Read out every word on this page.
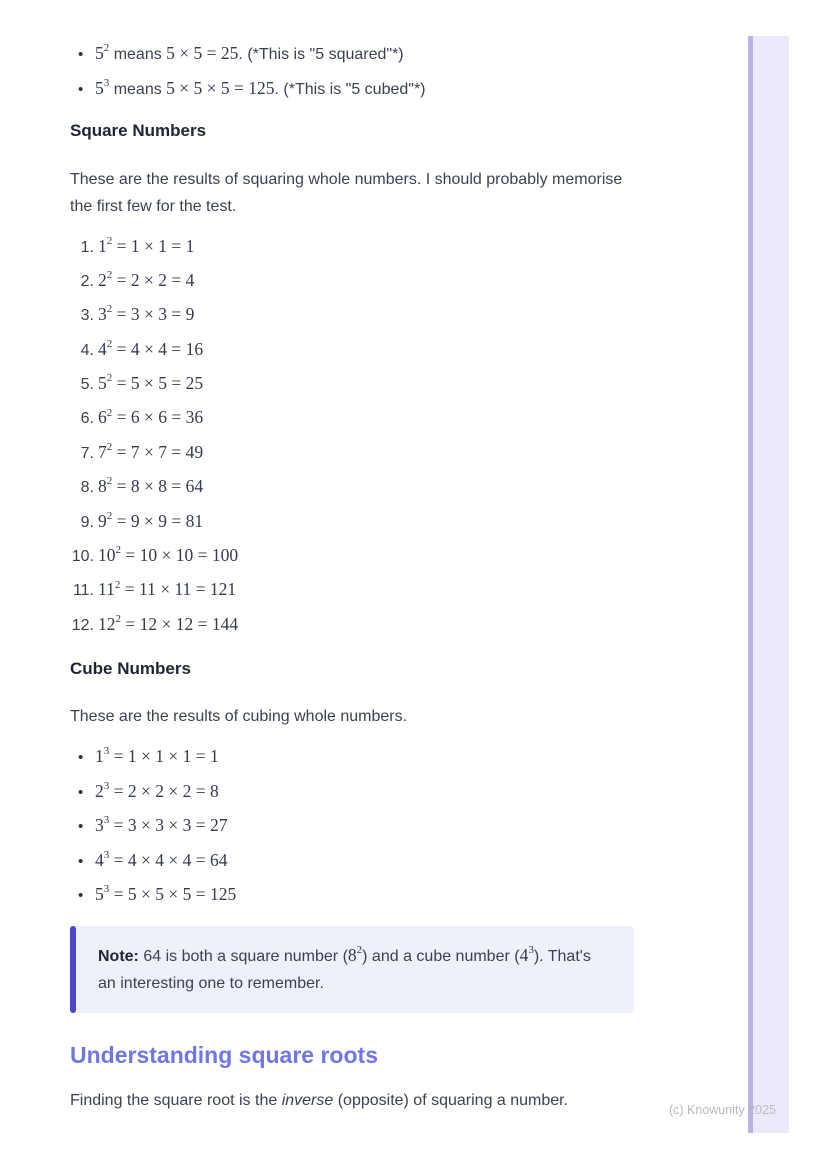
• $5^2$ means 5 × 5 = 25. (*This is "5 squared"*)
• $5^3$ means 5 × 5 × 5 = 125. (*This is "5 cubed"*)
Square Numbers

These are the results of squaring whole numbers. I should probably memorise the first few for the test.

1. $1^2 = 1 \times 1 = 1$
2. $2^2 = 2 \times 2 = 4$
3. $3^2 = 3 \times 3 = 9$
4. $4^2 = 4 \times 4 = 16$
5. $5^2 = 5 \times 5 = 25$
6. $6^2 = 6 \times 6 = 36$
7. $7^2 = 7 \times 7 = 49$
8. $8^2 = 8 \times 8 = 64$
9. $9^2 = 9 \times 9 = 81$
10. $10^2 = 10 \times 10 = 100$
11. $11^2 = 11 \times 11 = 121$
12. $12^2 = 12 \times 12 = 144$
Cube Numbers

These are the results of cubing whole numbers.

• $1^3 = 1 \times 1 \times 1 = 1$
• $2^3 = 2 \times 2 \times 2 = 8$
• $3^3 = 3 \times 3 \times 3 = 27$
• $4^3 = 4 \times 4 \times 4 = 64$
• $5^3 = 5 \times 5 \times 5 = 125$
Note: 64 is both a square number $(8^2)$ and a cube number $(4^3)$. That's an interesting one to remember.
Understanding square roots

Finding the square root is the inverse (opposite) of squaring a number.

(c) Knowunity 2025
